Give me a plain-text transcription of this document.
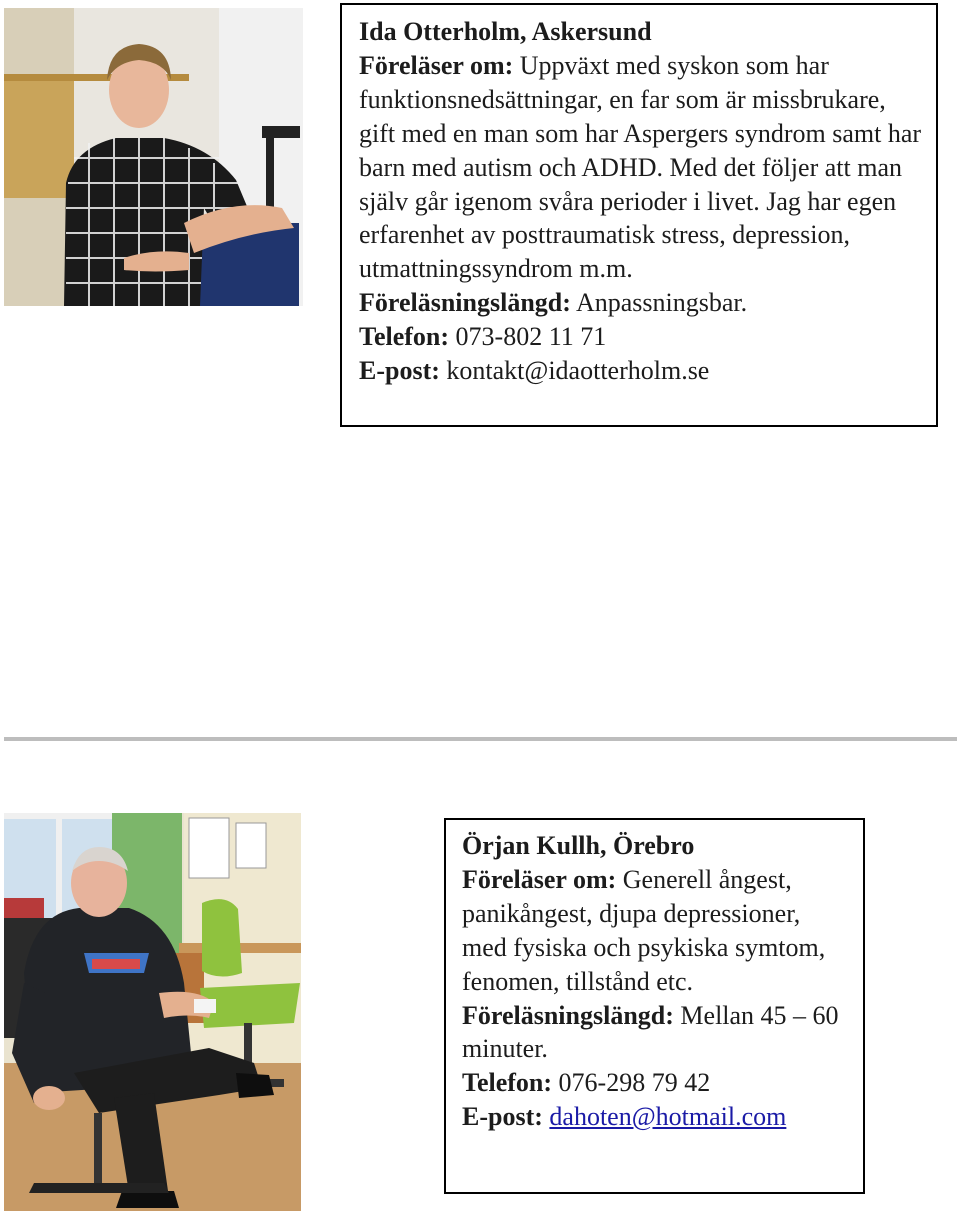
Ida Otterholm, Askersund

Föreläser om: Uppväxt med syskon som har funktionsnedsättningar, en far som är missbrukare, gift med en man som har Aspergers syndrom samt har barn med autism och ADHD. Med det följer att man själv går igenom svåra perioder i livet. Jag har egen erfarenhet av posttraumatisk stress, depression, utmattningssyndrom m.m.

Föreläsningslängd: Anpassningsbar.

Telefon: 073-802 11 71

E-post: kontakt@idaotterholm.se

Örjan Kullh, Örebro

Föreläser om: Generell ångest, panikångest, djupa depressioner, med fysiska och psykiska symtom, fenomen, tillstånd etc.

Föreläsningslängd: Mellan 45 – 60 minuter.

Telefon: 076-298 79 42

E-post: dahoten@hotmail.com
